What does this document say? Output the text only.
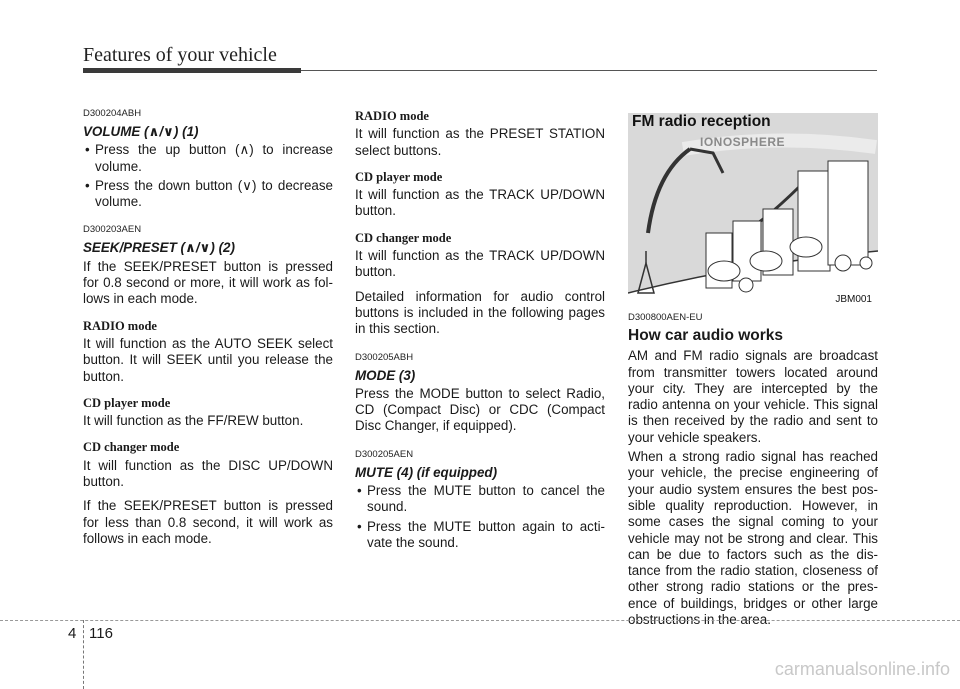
Features of your vehicle
D300204ABH
VOLUME (∧/∨) (1)
• Press the up button (∧) to increase volume.
• Press the down button (∨) to decrease volume.
D300203AEN
SEEK/PRESET (∧/∨) (2)

If the SEEK/PRESET button is pressed for 0.8 second or more, it will work as fol-lows in each mode.

RADIO mode

It will function as the AUTO SEEK select button. It will SEEK until you release the button.

CD player mode

It will function as the FF/REW button.

CD changer mode

It will function as the DISC UP/DOWN button.

If the SEEK/PRESET button is pressed for less than 0.8 second, it will work as follows in each mode.

RADIO mode

It will function as the PRESET STATION select buttons.

CD player mode

It will function as the TRACK UP/DOWN button.

CD changer mode

It will function as the TRACK UP/DOWN button.

Detailed information for audio control buttons is included in the following pages in this section.

D300205ABH
MODE (3)

Press the MODE button to select Radio, CD (Compact Disc) or CDC (Compact Disc Changer, if equipped).

D300205AEN
MUTE (4) (if equipped)
• Press the MUTE button to cancel the sound.
• Press the MUTE button again to acti-vate the sound.
FM radio reception
IONOSPHERE
JBM001
D300800AEN-EU
How car audio works

AM and FM radio signals are broadcast from transmitter towers located around your city. They are intercepted by the radio antenna on your vehicle. This signal is then received by the radio and sent to your vehicle speakers.

When a strong radio signal has reached your vehicle, the precise engineering of your audio system ensures the best pos-sible quality reproduction. However, in some cases the signal coming to your vehicle may not be strong and clear. This can be due to factors such as the dis-tance from the radio station, closeness of other strong radio stations or the pres-ence of buildings, bridges or other large obstructions in the area.

4 116
carmanualsonline.info
